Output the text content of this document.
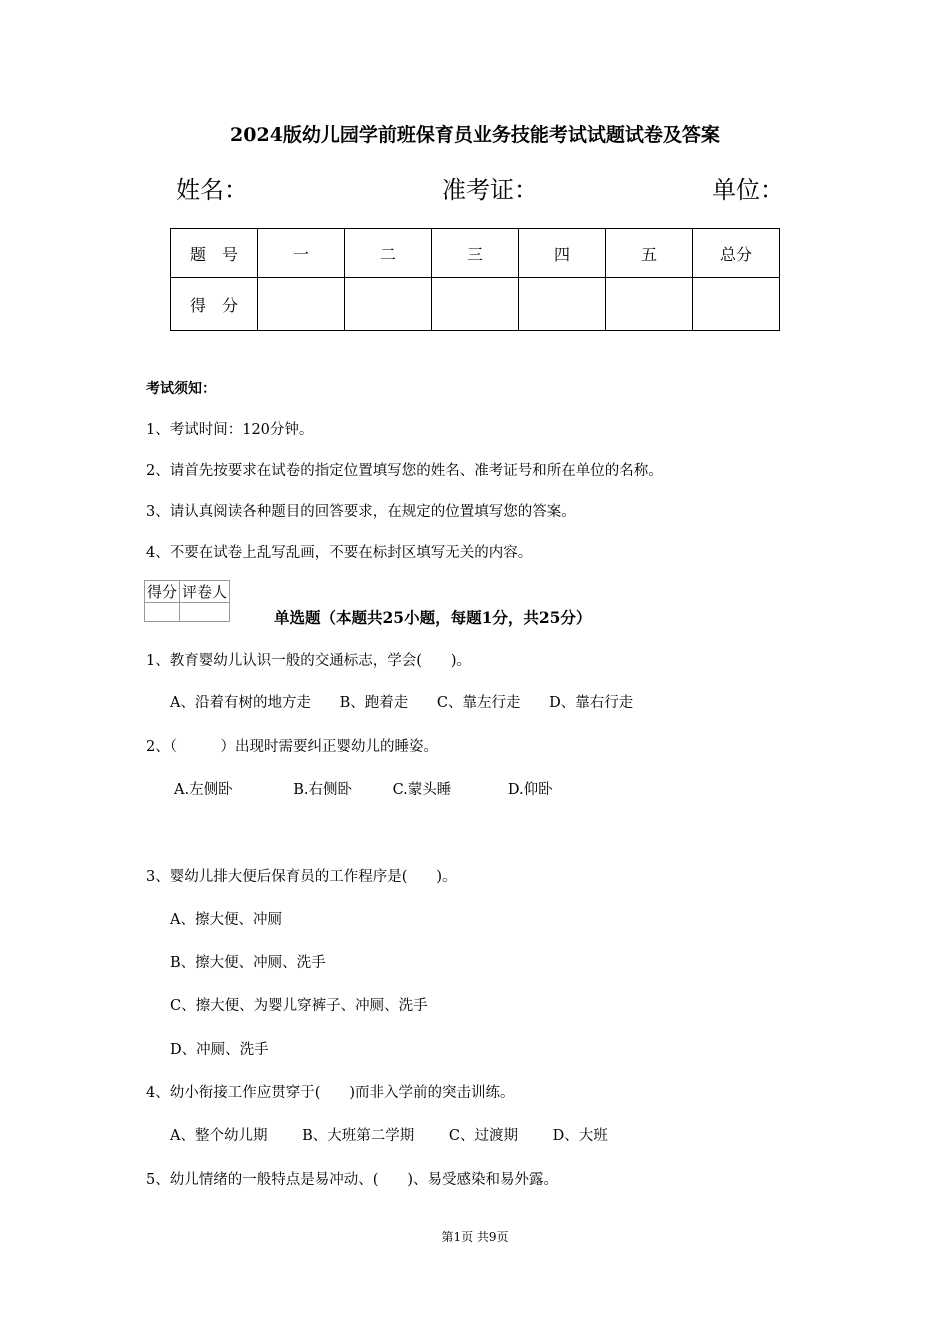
2024版幼儿园学前班保育员业务技能考试试题试卷及答案
姓名：	准考证：	单位：
题　号	一	二	三	四	五	总分
得　分						
考试须知：
1、考试时间：120分钟。
2、请首先按要求在试卷的指定位置填写您的姓名、准考证号和所在单位的名称。
3、请认真阅读各种题目的回答要求，在规定的位置填写您的答案。
4、不要在试卷上乱写乱画，不要在标封区填写无关的内容。
得分	评卷人

单选题（本题共25小题，每题1分，共25分）
1、教育婴幼儿认识一般的交通标志，学会(　　)。
A、沿着有树的地方走 B、跑着走 C、靠左行走 D、靠右行走
2、（　　　）出现时需要纠正婴幼儿的睡姿。
A.左侧卧	B.右侧卧	C.蒙头睡	D.仰卧
3、婴幼儿排大便后保育员的工作程序是(　　)。
A、擦大便、冲厕
B、擦大便、冲厕、洗手
C、擦大便、为婴儿穿裤子、冲厕、洗手
D、冲厕、洗手
4、幼小衔接工作应贯穿于(　　)而非入学前的突击训练。
A、整个幼儿期 B、大班第二学期 C、过渡期 D、大班
5、幼儿情绪的一般特点是易冲动、(　　)、易受感染和易外露。
第1页 共9页
